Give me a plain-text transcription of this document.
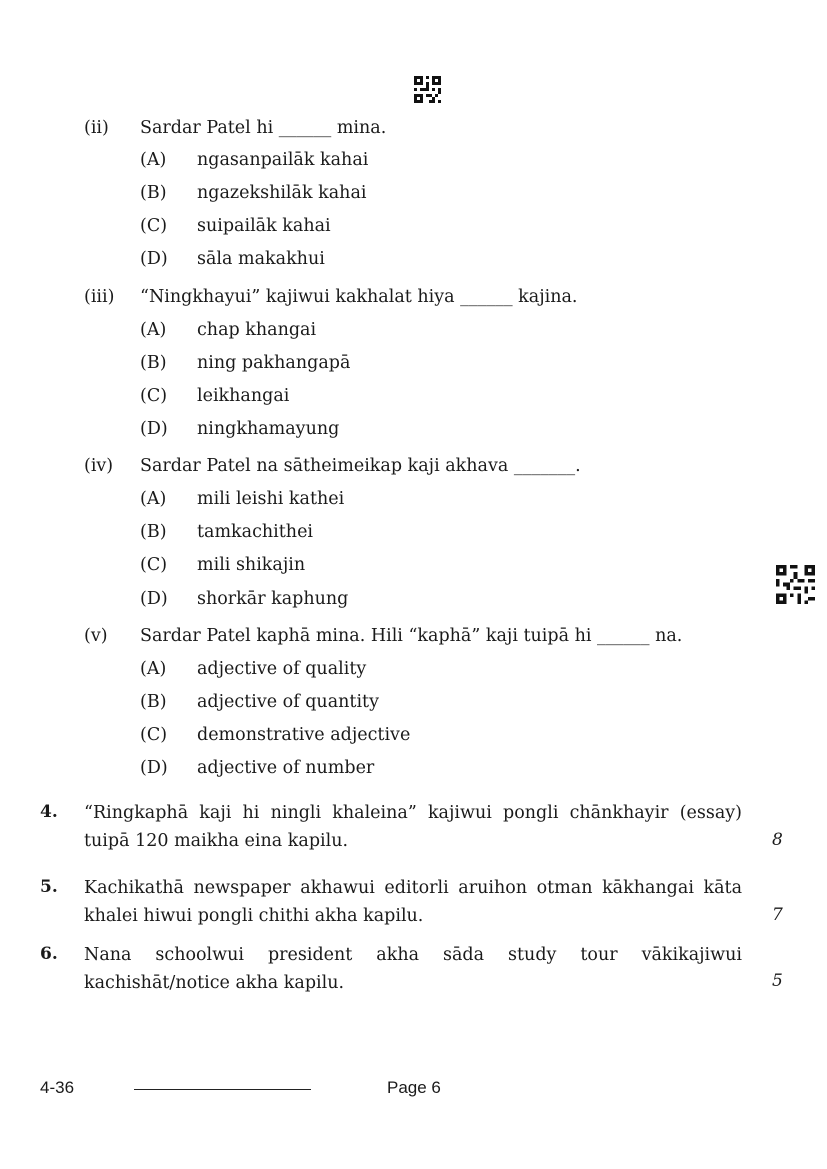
(ii) Sardar Patel hi ______ mina.
(A) ngasanpailāk kahai
(B) ngazekshilāk kahai
(C) suipailāk kahai
(D) sāla makakhui
(iii) “Ningkhayui” kajiwui kakhalat hiya ______ kajina.
(A) chap khangai
(B) ning pakhangapā
(C) leikhangai
(D) ningkhamayung
(iv) Sardar Patel na sātheimeikap kaji akhava _______.
(A) mili leishi kathei
(B) tamkachithei
(C) mili shikajin
(D) shorkār kaphung
(v) Sardar Patel kaphā mina. Hili “kaphā” kaji tuipā hi ______ na.
(A) adjective of quality
(B) adjective of quantity
(C) demonstrative adjective
(D) adjective of number
4. “Ringkaphā kaji hi ningli khaleina” kajiwui pongli chānkhayir (essay)
tuipā 120 maikha eina kapilu.	8
5. Kachikathā newspaper akhawui editorli aruihon otman kākhangai kāta
khalei hiwui pongli chithi akha kapilu.	7
6. Nana schoolwui president akha sāda study tour vākikajiwui
kachishāt/notice akha kapilu.	5
4-36	Page 6
